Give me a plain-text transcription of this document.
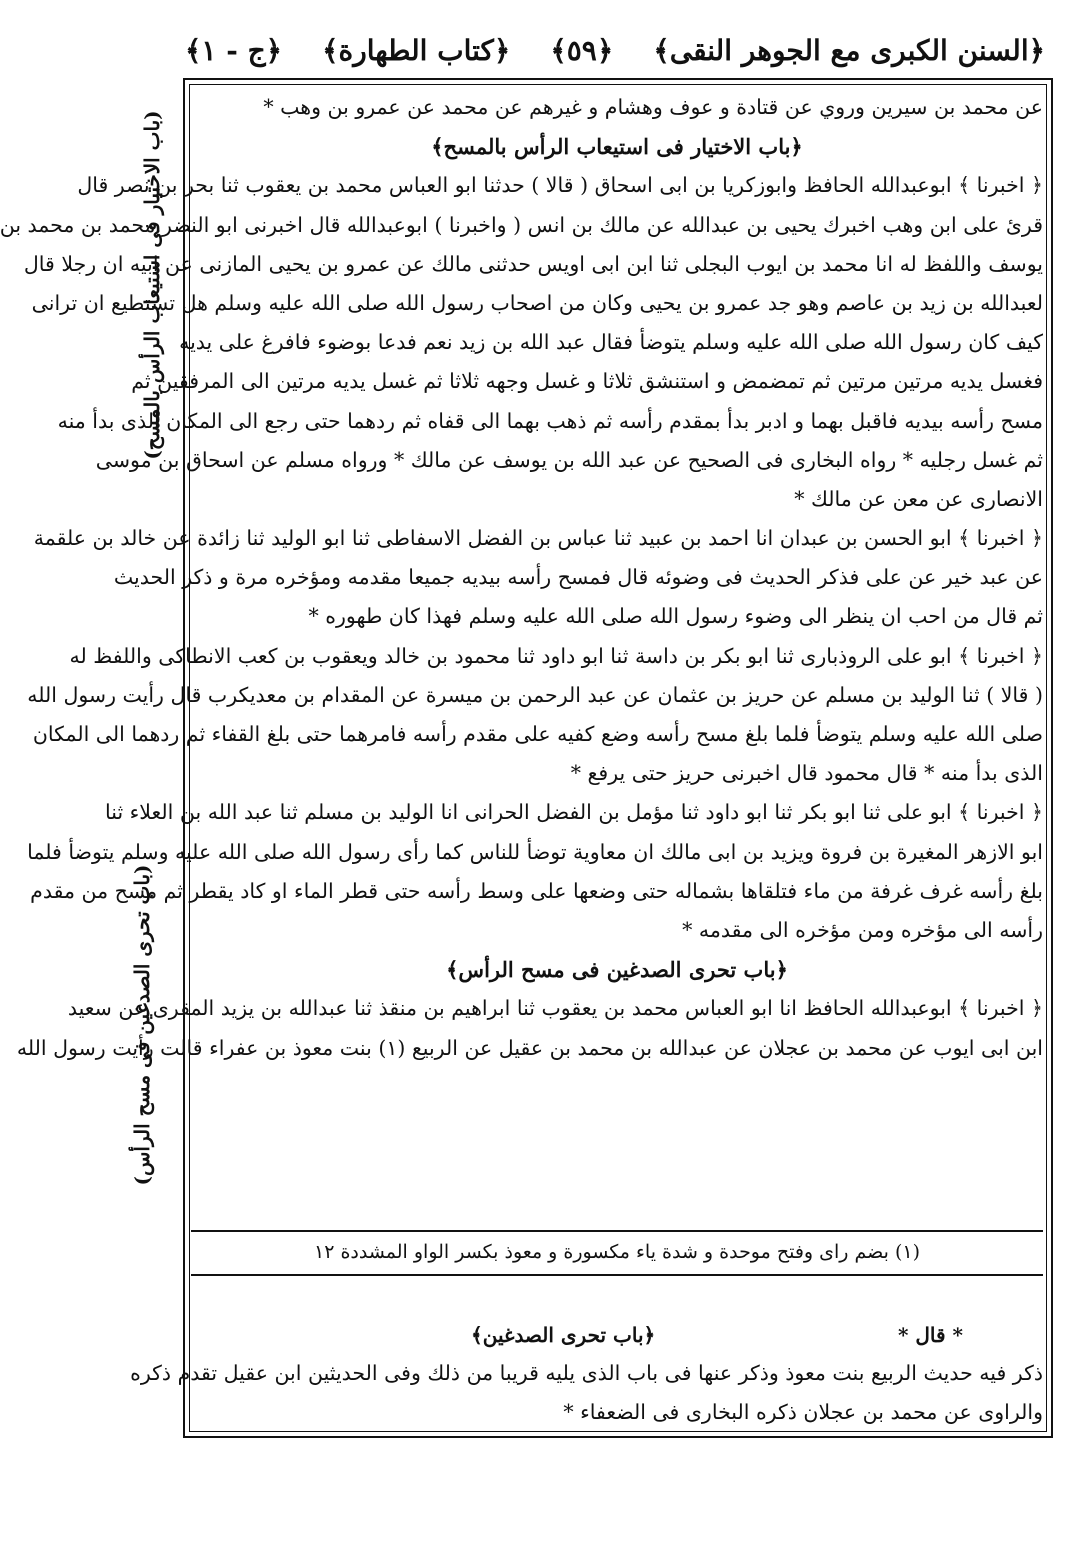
﴿السنن الكبرى مع الجوهر النقى﴾
﴿٥٩﴾
﴿كتاب الطهارة﴾
﴿ج - ١﴾
(باب الاختيار فى استيعاب الرأس بالمسح)
(باب تحرى الصدغين فى مسح الرأس)
عن محمد بن سيرين وروي عن قتادة و عوف وهشام و غيرهم عن محمد عن عمرو بن وهب *
﴿باب الاختيار فى استيعاب الرأس بالمسح﴾
﴿ اخبرنا ﴾ ابوعبدالله الحافظ وابوزكريا بن ابى اسحاق ( قالا ) حدثنا ابو العباس محمد بن يعقوب ثنا بحر بن نصر قال
قرئ على ابن وهب اخبرك يحيى بن عبدالله عن مالك بن انس ( واخبرنا ) ابوعبدالله قال اخبرنى ابو النضر محمد بن محمد بن
يوسف واللفظ له انا محمد بن ايوب البجلى ثنا ابن ابى اويس حدثنى مالك عن عمرو بن يحيى المازنى عن ابيه ان رجلا قال
لعبدالله بن زيد بن عاصم وهو جد عمرو بن يحيى وكان من اصحاب رسول الله صلى الله عليه وسلم هل تستطيع ان ترانى
كيف كان رسول الله صلى الله عليه وسلم يتوضأ فقال عبد الله بن زيد نعم فدعا بوضوء فافرغ على يديه
فغسل يديه مرتين مرتين ثم تمضمض و استنشق ثلاثا و غسل وجهه ثلاثا ثم غسل يديه مرتين الى المرفقين ثم
مسح رأسه بيديه فاقبل بهما و ادبر بدأ بمقدم رأسه ثم ذهب بهما الى قفاه ثم ردهما حتى رجع الى المكان الذى بدأ منه
ثم غسل رجليه * رواه البخارى فى الصحيح عن عبد الله بن يوسف عن مالك * ورواه مسلم عن اسحاق بن موسى
الانصارى عن معن عن مالك *
﴿ اخبرنا ﴾ ابو الحسن بن عبدان انا احمد بن عبيد ثنا عباس بن الفضل الاسفاطى ثنا ابو الوليد ثنا زائدة عن خالد بن علقمة
عن عبد خير عن على فذكر الحديث فى وضوئه قال فمسح رأسه بيديه جميعا مقدمه ومؤخره مرة و ذكر الحديث
ثم قال من احب ان ينظر الى وضوء رسول الله صلى الله عليه وسلم فهذا كان طهوره *
﴿ اخبرنا ﴾ ابو على الروذبارى ثنا ابو بكر بن داسة ثنا ابو داود ثنا محمود بن خالد ويعقوب بن كعب الانطاكى واللفظ له
( قالا ) ثنا الوليد بن مسلم عن حريز بن عثمان عن عبد الرحمن بن ميسرة عن المقدام بن معديكرب قال رأيت رسول الله
صلى الله عليه وسلم يتوضأ فلما بلغ مسح رأسه وضع كفيه على مقدم رأسه فامرهما حتى بلغ القفاء ثم ردهما الى المكان
الذى بدأ منه * قال محمود قال اخبرنى حريز حتى يرفع *
﴿ اخبرنا ﴾ ابو على ثنا ابو بكر ثنا ابو داود ثنا مؤمل بن الفضل الحرانى انا الوليد بن مسلم ثنا عبد الله بن العلاء ثنا
ابو الازهر المغيرة بن فروة ويزيد بن ابى مالك ان معاوية توضأ للناس كما رأى رسول الله صلى الله عليه وسلم يتوضأ فلما
بلغ رأسه غرف غرفة من ماء فتلقاها بشماله حتى وضعها على وسط رأسه حتى قطر الماء او كاد يقطر ثم مسح من مقدم
رأسه الى مؤخره ومن مؤخره الى مقدمه *
﴿باب تحرى الصدغين فى مسح الرأس﴾
﴿ اخبرنا ﴾ ابوعبدالله الحافظ انا ابو العباس محمد بن يعقوب ثنا ابراهيم بن منقذ ثنا عبدالله بن يزيد المقرى عن سعيد
ابن ابى ايوب عن محمد بن عجلان عن عبدالله بن محمد بن عقيل عن الربيع (١) بنت معوذ بن عفراء قالت رأيت رسول الله
(١) بضم راى وفتح موحدة و شدة ياء مكسورة و معوذ بكسر الواو المشددة ١٢
* قال *
﴿باب تحرى الصدغين﴾
ذكر فيه حديث الربيع بنت معوذ وذكر عنها فى باب الذى يليه قريبا من ذلك وفى الحديثين ابن عقيل تقدم ذكره
والراوى عن محمد بن عجلان ذكره البخارى فى الضعفاء *
